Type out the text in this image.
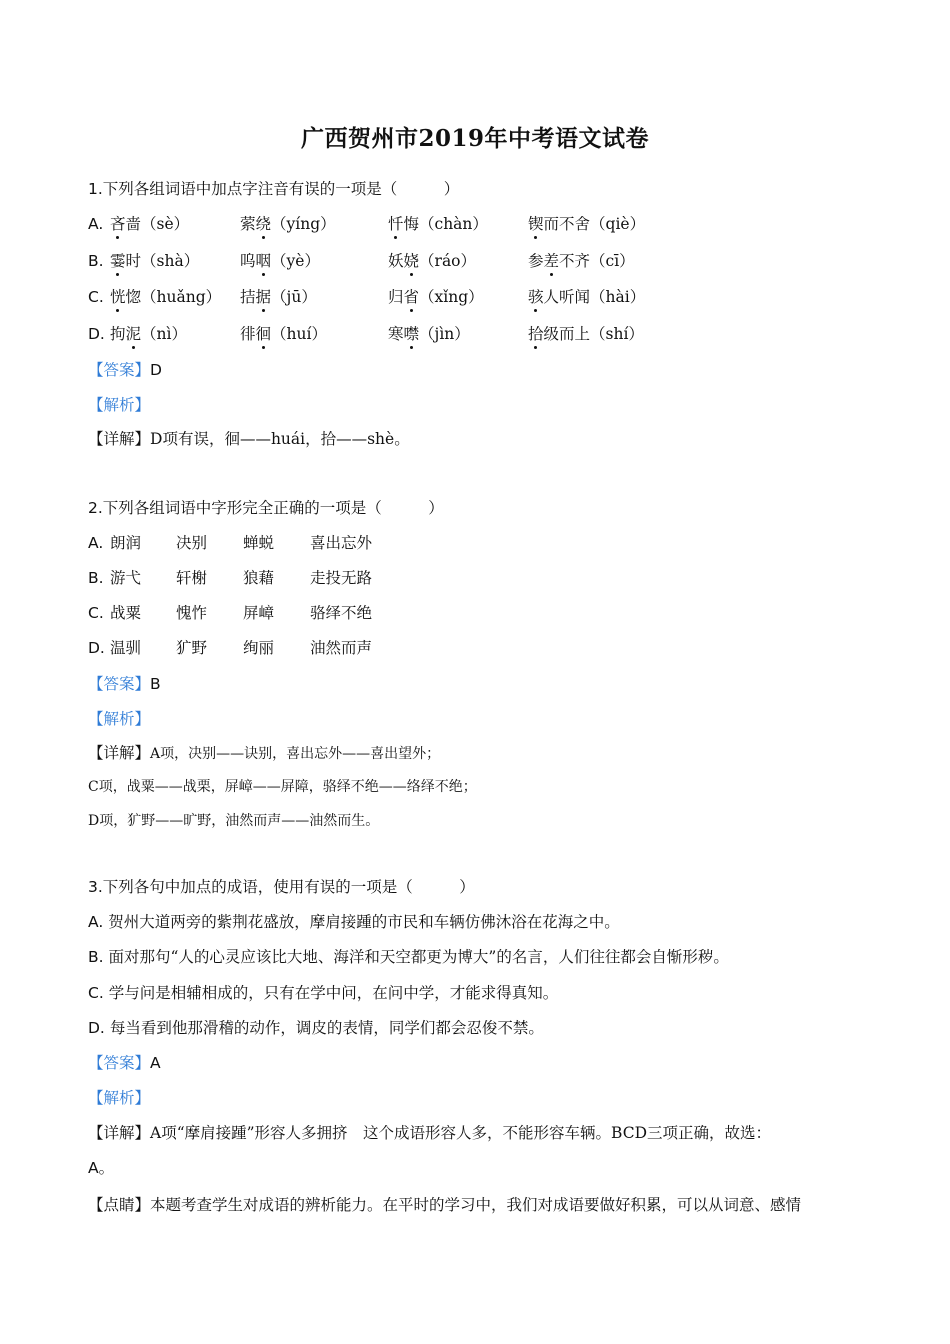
广西贺州市2019年中考语文试卷
1.下列各组词语中加点字注音有误的一项是（　　　）
A. 吝啬（sè）	萦绕（yíng）	忏悔（chàn）	锲而不舍（qiè）
B. 霎时（shà）	呜咽（yè）	妖娆（ráo）	参差不齐（cī）
C. 恍惚（huǎng） 拮据（jū）	归省（xǐng）	骇人听闻（hài）
D. 拘泥（nì）	徘徊（huí）	寒噤（jìn）	拾级而上（shí）
【答案】D
【解析】
【详解】D项有误，徊——huái，拾——shè。
2.下列各组词语中字形完全正确的一项是（　　　）
A. 朗润 决别 蝉蜕 喜出忘外
B. 游弋 轩榭 狼藉 走投无路
C. 战粟 愧怍 屏嶂 骆绎不绝
D. 温驯 犷野 绚丽 油然而声
【答案】B
【解析】
【详解】A项，决别——诀别，喜出忘外——喜出望外；
C项，战粟——战栗，屏嶂——屏障，骆绎不绝——络绎不绝；
D项，犷野——旷野，油然而声——油然而生。
3.下列各句中加点的成语，使用有误的一项是（　　　）
A. 贺州大道两旁的紫荆花盛放，摩肩接踵的市民和车辆仿佛沐浴在花海之中。
B. 面对那句“人的心灵应该比大地、海洋和天空都更为博大”的名言，人们往往都会自惭形秽。
C. 学与问是相辅相成的，只有在学中问，在问中学，才能求得真知。
D. 每当看到他那滑稽的动作，调皮的表情，同学们都会忍俊不禁。
【答案】A
【解析】
【详解】A项“摩肩接踵”形容人多拥挤　这个成语形容人多，不能形容车辆。BCD三项正确，故选：
A。
【点睛】本题考查学生对成语的辨析能力。在平时的学习中，我们对成语要做好积累，可以从词意、感情
